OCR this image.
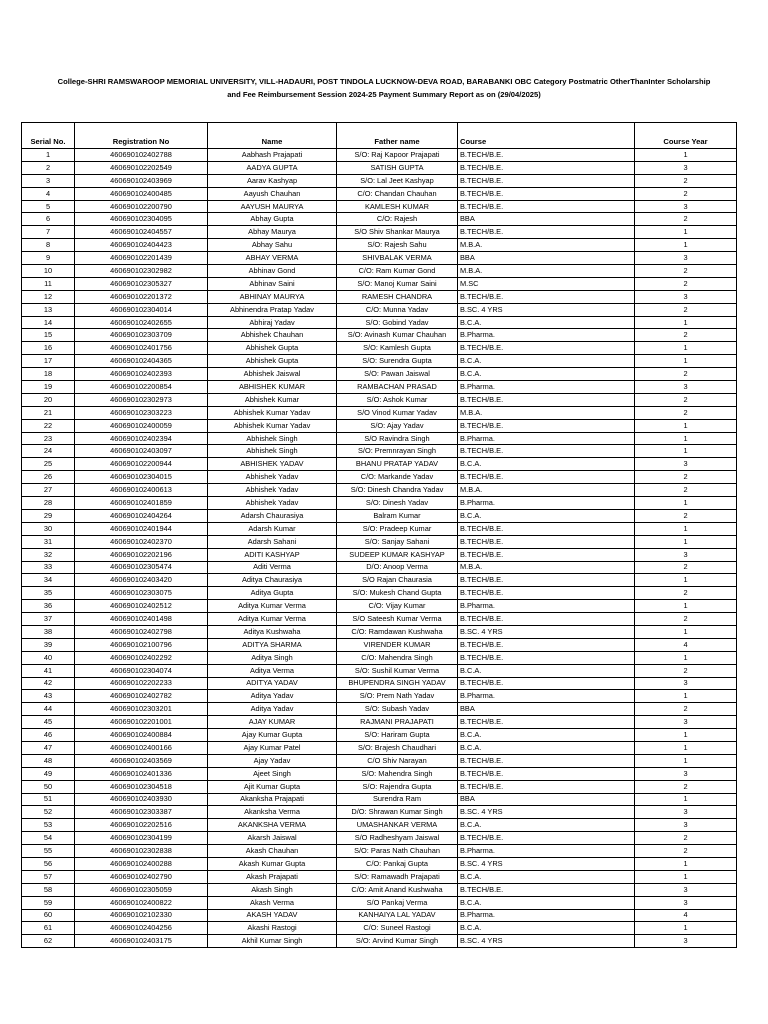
College-SHRI RAMSWAROOP MEMORIAL UNIVERSITY, VILL-HADAURI, POST TINDOLA LUCKNOW-DEVA ROAD, BARABANKI OBC Category Postmatric OtherThanInter Scholarship
and Fee Reimbursement Session 2024-25 Payment Summary Report as on (29/04/2025)
Serial No.	Registration No	Name	Father name	Course	Course Year
1	460690102402788	Aabhash Prajapati	S/O: Raj Kapoor Prajapati	B.TECH/B.E.	1
2	460690102202549	AADYA GUPTA	SATISH GUPTA	B.TECH/B.E.	3
3	460690102403969	Aarav Kashyap	S/O: Lal Jeet Kashyap	B.TECH/B.E.	2
4	460690102400485	Aayush Chauhan	C/O: Chandan Chauhan	B.TECH/B.E.	2
5	460690102200790	AAYUSH MAURYA	KAMLESH KUMAR	B.TECH/B.E.	3
6	460690102304095	Abhay Gupta	C/O: Rajesh	BBA	2
7	460690102404557	Abhay Maurya	S/O Shiv Shankar Maurya	B.TECH/B.E.	1
8	460690102404423	Abhay Sahu	S/O: Rajesh Sahu	M.B.A.	1
9	460690102201439	ABHAY VERMA	SHIVBALAK VERMA	BBA	3
10	460690102302982	Abhinav Gond	C/O: Ram Kumar Gond	M.B.A.	2
11	460690102305327	Abhinav Saini	S/O: Manoj Kumar Saini	M.SC	2
12	460690102201372	ABHINAY MAURYA	RAMESH CHANDRA	B.TECH/B.E.	3
13	460690102304014	Abhinendra Pratap Yadav	C/O: Munna Yadav	B.SC. 4 YRS	2
14	460690102402655	Abhiraj Yadav	S/O: Gobind Yadav	B.C.A.	1
15	460690102303709	Abhishek Chauhan	S/O: Avinash Kumar Chauhan	B.Pharma.	2
16	460690102401756	Abhishek Gupta	S/O: Kamlesh Gupta	B.TECH/B.E.	1
17	460690102404365	Abhishek Gupta	S/O: Surendra Gupta	B.C.A.	1
18	460690102402393	Abhishek Jaiswal	S/O: Pawan Jaiswal	B.C.A.	2
19	460690102200854	ABHISHEK KUMAR	RAMBACHAN PRASAD	B.Pharma.	3
20	460690102302973	Abhishek Kumar	S/O: Ashok Kumar	B.TECH/B.E.	2
21	460690102303223	Abhishek Kumar Yadav	S/O Vinod Kumar Yadav	M.B.A.	2
22	460690102400059	Abhishek Kumar Yadav	S/O: Ajay Yadav	B.TECH/B.E.	1
23	460690102402394	Abhishek Singh	S/O Ravindra Singh	B.Pharma.	1
24	460690102403097	Abhishek Singh	S/O: Premnrayan Singh	B.TECH/B.E.	1
25	460690102200944	ABHISHEK YADAV	BHANU PRATAP YADAV	B.C.A.	3
26	460690102304015	Abhishek Yadav	C/O: Markande Yadav	B.TECH/B.E.	2
27	460690102400613	Abhishek Yadav	S/O: Dinesh Chandra Yadav	M.B.A.	2
28	460690102401859	Abhishek Yadav	S/O: Dinesh Yadav	B.Pharma.	1
29	460690102404264	Adarsh Chaurasiya	Balram Kumar	B.C.A.	2
30	460690102401944	Adarsh Kumar	S/O: Pradeep Kumar	B.TECH/B.E.	1
31	460690102402370	Adarsh Sahani	S/O: Sanjay Sahani	B.TECH/B.E.	1
32	460690102202196	ADITI KASHYAP	SUDEEP KUMAR KASHYAP	B.TECH/B.E.	3
33	460690102305474	Aditi Verma	D/O: Anoop Verma	M.B.A.	2
34	460690102403420	Aditya Chaurasiya	S/O Rajan Chaurasia	B.TECH/B.E.	1
35	460690102303075	Aditya Gupta	S/O: Mukesh Chand Gupta	B.TECH/B.E.	2
36	460690102402512	Aditya Kumar Verma	C/O: Vijay Kumar	B.Pharma.	1
37	460690102401498	Aditya Kumar Verma	S/O Sateesh Kumar Verma	B.TECH/B.E.	2
38	460690102402798	Aditya Kushwaha	C/O: Ramdawan Kushwaha	B.SC. 4 YRS	1
39	460690102100796	ADITYA SHARMA	VIRENDER KUMAR	B.TECH/B.E.	4
40	460690102402292	Aditya Singh	C/O: Mahendra Singh	B.TECH/B.E.	1
41	460690102304074	Aditya Verma	S/O: Sushil Kumar Verma	B.C.A.	2
42	460690102202233	ADITYA YADAV	BHUPENDRA SINGH YADAV	B.TECH/B.E.	3
43	460690102402782	Aditya Yadav	S/O: Prem Nath Yadav	B.Pharma.	1
44	460690102303201	Aditya Yadav	S/O: Subash Yadav	BBA	2
45	460690102201001	AJAY KUMAR	RAJMANI PRAJAPATI	B.TECH/B.E.	3
46	460690102400884	Ajay Kumar Gupta	S/O: Hariram Gupta	B.C.A.	1
47	460690102400166	Ajay Kumar Patel	S/O: Brajesh Chaudhari	B.C.A.	1
48	460690102403569	Ajay Yadav	C/O Shiv Narayan	B.TECH/B.E.	1
49	460690102401336	Ajeet Singh	S/O: Mahendra Singh	B.TECH/B.E.	3
50	460690102304518	Ajit Kumar Gupta	S/O: Rajendra Gupta	B.TECH/B.E.	2
51	460690102403930	Akanksha Prajapati	Surendra Ram	BBA	1
52	460690102303387	Akanksha Verma	D/O: Shrawan Kumar Singh	B.SC. 4 YRS	3
53	460690102202516	AKANKSHA VERMA	UMASHANKAR VERMA	B.C.A.	3
54	460690102304199	Akarsh Jaiswal	S/O Radheshyam Jaiswal	B.TECH/B.E.	2
55	460690102302838	Akash Chauhan	S/O: Paras Nath Chauhan	B.Pharma.	2
56	460690102400288	Akash Kumar Gupta	C/O: Pankaj Gupta	B.SC. 4 YRS	1
57	460690102402790	Akash Prajapati	S/O: Ramawadh Prajapati	B.C.A.	1
58	460690102305059	Akash Singh	C/O: Amit Anand Kushwaha	B.TECH/B.E.	3
59	460690102400822	Akash Verma	S/O Pankaj Verma	B.C.A.	3
60	460690102102330	AKASH YADAV	KANHAIYA LAL YADAV	B.Pharma.	4
61	460690102404256	Akashi Rastogi	C/O: Suneel Rastogi	B.C.A.	1
62	460690102403175	Akhil Kumar Singh	S/O: Arvind Kumar Singh	B.SC. 4 YRS	3
